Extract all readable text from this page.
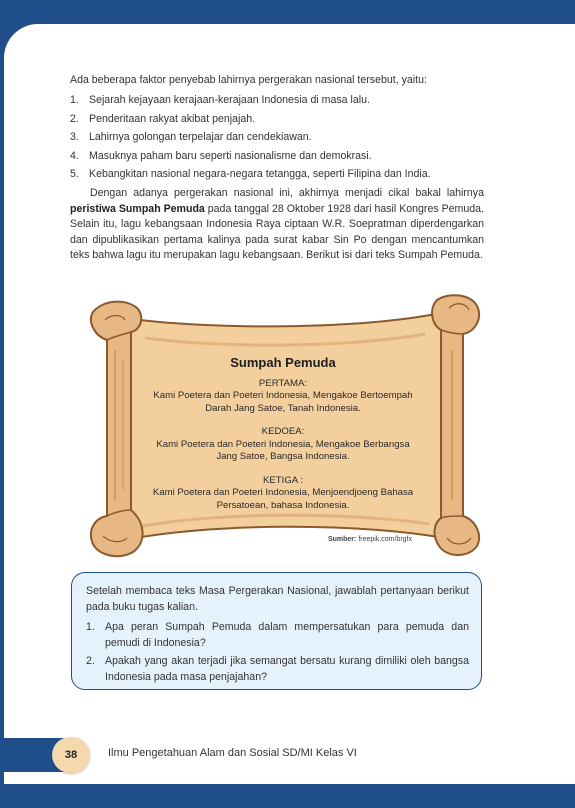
Ada beberapa faktor penyebab lahirnya pergerakan nasional tersebut, yaitu:

1. Sejarah kejayaan kerajaan-kerajaan Indonesia di masa lalu.
2. Penderitaan rakyat akibat penjajah.
3. Lahirnya golongan terpelajar dan cendekiawan.
4. Masuknya paham baru seperti nasionalisme dan demokrasi.
5. Kebangkitan nasional negara-negara tetangga, seperti Filipina dan India.

Dengan adanya pergerakan nasional ini, akhirnya menjadi cikal bakal lahirnya peristiwa Sumpah Pemuda pada tanggal 28 Oktober 1928 dari hasil Kongres Pemuda. Selain itu, lagu kebangsaan Indonesia Raya ciptaan W.R. Soepratman diperdengarkan dan dipublikasikan pertama kalinya pada surat kabar Sin Po dengan mencantumkan teks bahwa lagu itu merupakan lagu kebangsaan. Berikut isi dari teks Sumpah Pemuda.

Sumpah Pemuda
PERTAMA:
Kami Poetera dan Poeteri Indonesia, Mengakoe Bertoempah
Darah Jang Satoe, Tanah Indonesia.
KEDOEA:
Kami Poetera dan Poeteri Indonesia, Mengakoe Berbangsa
Jang Satoe, Bangsa Indonesia.
KETIGA :
Kami Poetera dan Poeteri Indonesia, Menjoendjoeng Bahasa
Persatoean, bahasa Indonesia.
Sumber: freepik.com/brgfx

Setelah membaca teks Masa Pergerakan Nasional, jawablah pertanyaan berikut pada buku tugas kalian.

1. Apa peran Sumpah Pemuda dalam mempersatukan para pemuda dan pemudi di Indonesia?
2. Apakah yang akan terjadi jika semangat bersatu kurang dimiliki oleh bangsa Indonesia pada masa penjajahan?
38	Ilmu Pengetahuan Alam dan Sosial SD/MI Kelas VI
